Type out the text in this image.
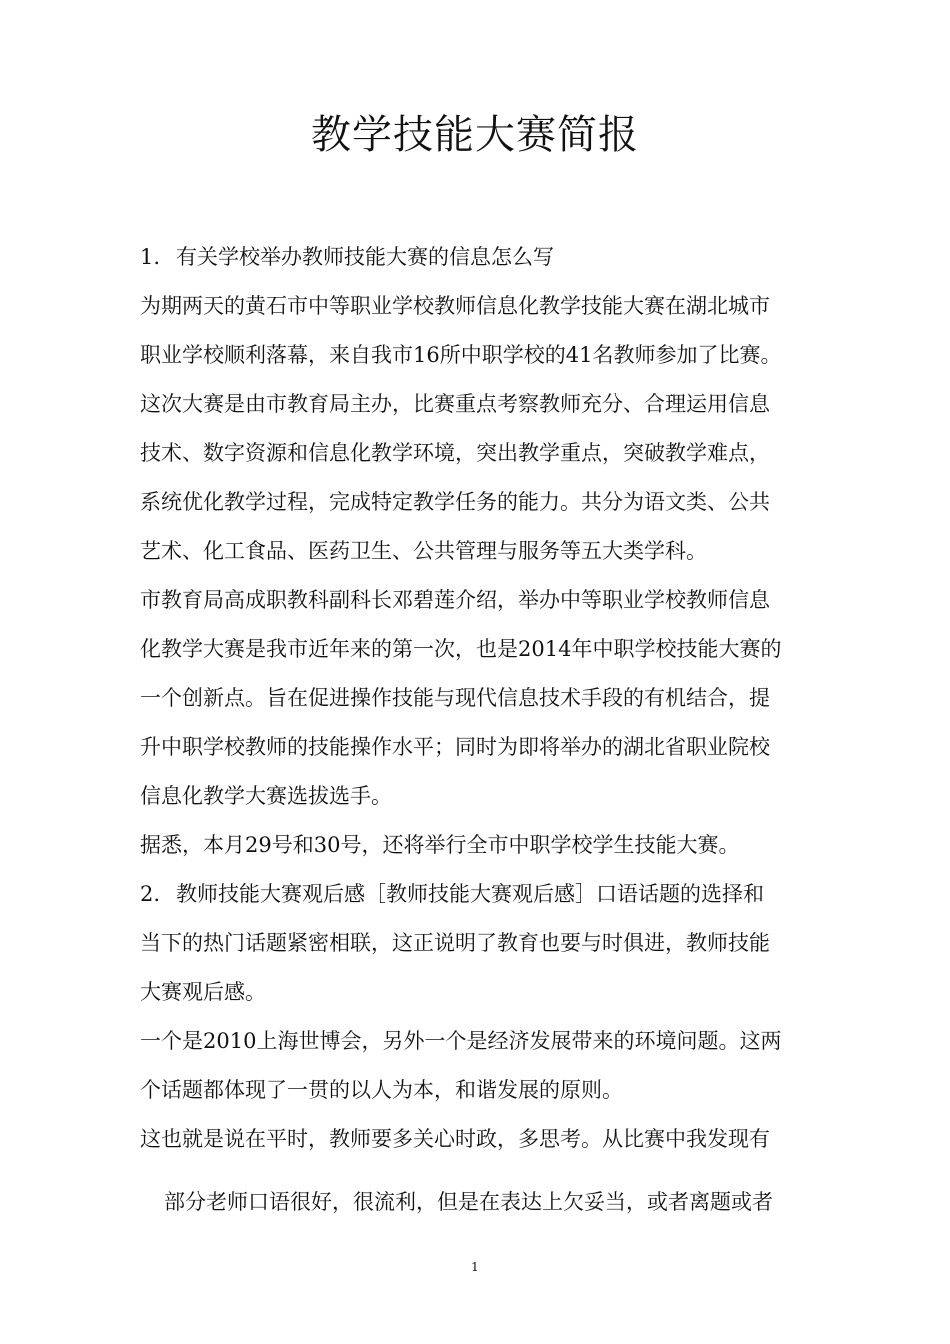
教学技能大赛简报
1. 有关学校举办教师技能大赛的信息怎么写
为期两天的黄石市中等职业学校教师信息化教学技能大赛在湖北城市
职业学校顺利落幕，来自我市16所中职学校的41名教师参加了比赛。
这次大赛是由市教育局主办，比赛重点考察教师充分、合理运用信息
技术、数字资源和信息化教学环境，突出教学重点，突破教学难点，
系统优化教学过程，完成特定教学任务的能力。共分为语文类、公共
艺术、化工食品、医药卫生、公共管理与服务等五大类学科。
市教育局高成职教科副科长邓碧莲介绍，举办中等职业学校教师信息
化教学大赛是我市近年来的第一次，也是2014年中职学校技能大赛的
一个创新点。旨在促进操作技能与现代信息技术手段的有机结合，提
升中职学校教师的技能操作水平；同时为即将举办的湖北省职业院校
信息化教学大赛选拔选手。
据悉，本月29号和30号，还将举行全市中职学校学生技能大赛。
2. 教师技能大赛观后感［教师技能大赛观后感］口语话题的选择和
当下的热门话题紧密相联，这正说明了教育也要与时俱进，教师技能
大赛观后感。
一个是2010上海世博会，另外一个是经济发展带来的环境问题。这两
个话题都体现了一贯的以人为本，和谐发展的原则。
这也就是说在平时，教师要多关心时政，多思考。从比赛中我发现有
部分老师口语很好，很流利，但是在表达上欠妥当，或者离题或者
1
